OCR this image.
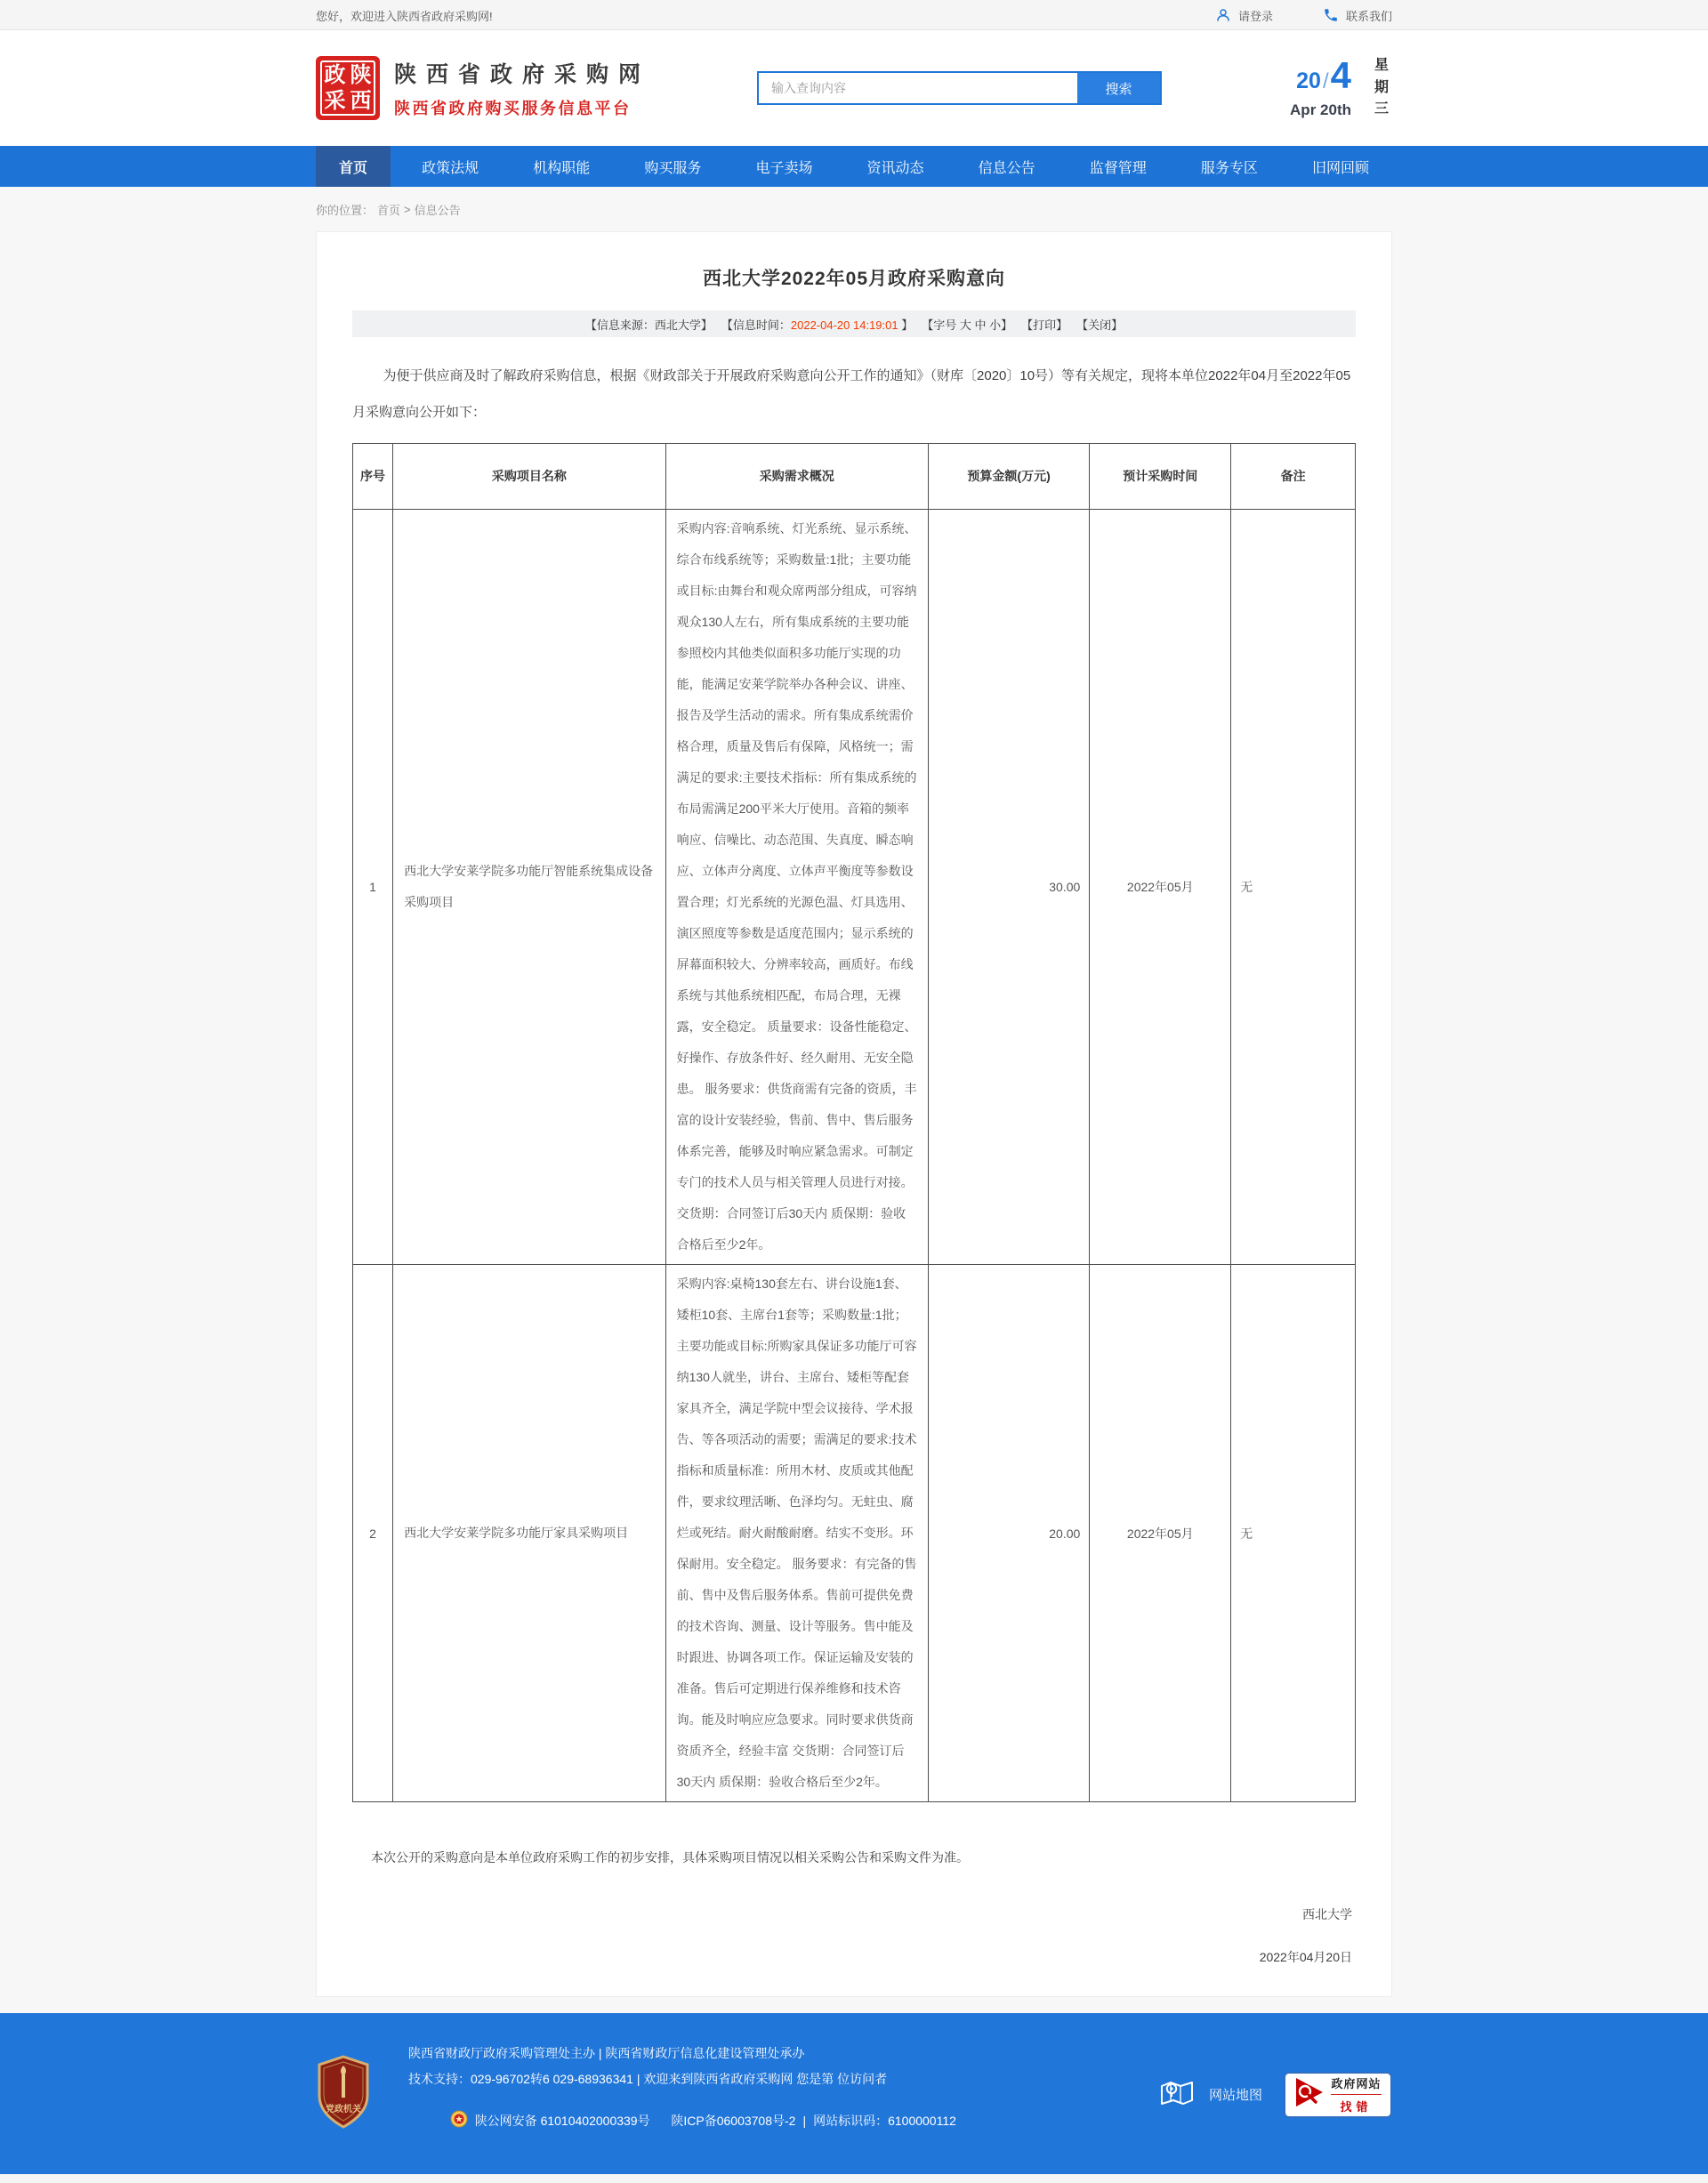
您好，欢迎进入陕西省政府采购网!	请登录	联系我们
政 陕
采 西
陕西省政府采购网
陕西省政府购买服务信息平台
输入查询内容
搜索	20/4
Apr 20th
星期三
首页	政策法规	机构职能	购买服务	电子卖场	资讯动态	信息公告	监督管理	服务专区	旧网回顾
你的位置： 首页 > 信息公告
西北大学2022年05月政府采购意向
【信息来源：西北大学】 【信息时间：2022-04-20 14:19:01 】 【字号 大 中 小】 【打印】 【关闭】

为便于供应商及时了解政府采购信息，根据《财政部关于开展政府采购意向公开工作的通知》（财库〔2020〕10号）等有关规定，现将本单位2022年04月至2022年05月采购意向公开如下：

序号	采购项目名称	采购需求概况	预算金额(万元)	预计采购时间	备注
1	西北大学安莱学院多功能厅智能系统集成设备采购项目	采购内容:音响系统、灯光系统、显示系统、综合布线系统等；采购数量:1批；主要功能或目标:由舞台和观众席两部分组成，可容纳观众130人左右，所有集成系统的主要功能参照校内其他类似面积多功能厅实现的功能，能满足安莱学院举办各种会议、讲座、报告及学生活动的需求。所有集成系统需价格合理，质量及售后有保障，风格统一；需满足的要求:主要技术指标：所有集成系统的布局需满足200平米大厅使用。音箱的频率响应、信噪比、动态范围、失真度、瞬态响应、立体声分离度、立体声平衡度等参数设置合理；灯光系统的光源色温、灯具选用、演区照度等参数是适度范围内；显示系统的屏幕面积较大、分辨率较高，画质好。布线系统与其他系统相匹配，布局合理，无裸露，安全稳定。 质量要求：设备性能稳定、好操作、存放条件好、经久耐用、无安全隐患。 服务要求：供货商需有完备的资质，丰富的设计安装经验，售前、售中、售后服务体系完善，能够及时响应紧急需求。可制定专门的技术人员与相关管理人员进行对接。 交货期：合同签订后30天内 质保期：验收合格后至少2年。	30.00	2022年05月	无
2	西北大学安莱学院多功能厅家具采购项目	采购内容:桌椅130套左右、讲台设施1套、矮柜10套、主席台1套等；采购数量:1批；主要功能或目标:所购家具保证多功能厅可容纳130人就坐，讲台、主席台、矮柜等配套家具齐全，满足学院中型会议接待、学术报告、等各项活动的需要；需满足的要求:技术指标和质量标准：所用木材、皮质或其他配件，要求纹理活晰、色泽均匀。无蛀虫、腐烂或死结。耐火耐酸耐磨。结实不变形。环保耐用。安全稳定。 服务要求：有完备的售前、售中及售后服务体系。售前可提供免费的技术咨询、测量、设计等服务。售中能及时跟进、协调各项工作。保证运输及安装的准备。售后可定期进行保养维修和技术咨询。能及时响应应急要求。同时要求供货商资质齐全，经验丰富 交货期：合同签订后30天内 质保期：验收合格后至少2年。	20.00	2022年05月	无

本次公开的采购意向是本单位政府采购工作的初步安排，具体采购项目情况以相关采购公告和采购文件为准。

西北大学
2022年04月20日
党政机关
陕西省财政厅政府采购管理处主办 | 陕西省财政厅信息化建设管理处承办
技术支持：029-96702转6 029-68936341 | 欢迎来到陕西省政府采购网 您是第 位访问者

陕公网安备 61010402000339号
陕ICP备06003708号-2 | 网站标识码：6100000112
网站地图
政府网站
找错
